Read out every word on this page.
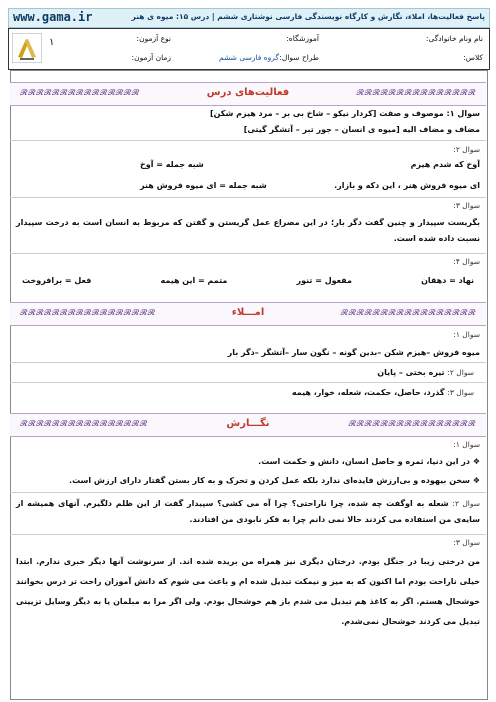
www.gama.ir	پاسخ فعالیت‌ها، املاء، نگارش و کارگاه نویسندگی فارسی نوشتاری ششم | درس ۱۵: میوه ی هنر
۱	نام ونام خانوادگی:
آموزشگاه:
نوع آزمون:
کلاس:
طراح سوال:
گروه فارسی ششم
زمان آزمون:
𝓡𝓡𝓡𝓡𝓡𝓡𝓡𝓡𝓡𝓡𝓡𝓡𝓡𝓡𝓡
𝓡𝓡𝓡𝓡𝓡𝓡𝓡𝓡𝓡𝓡𝓡𝓡𝓡𝓡𝓡	فعالیت‌های درس
سوال ۱: موصوف و صفت [کردار نیکو – شاخ بی بر – مرد هیزم شکن]
مضاف و مضاف الیه [میوه ی انسان – جور تبر – آتشگر گیتی]
سوال ۲:
آوخ که شدم هیزم
شبه جمله = آوخ
ای میوه فروش هنر ، این دکه و بازار.
شبه جمله = ای میوه فروش هنر
سوال ۳:
بگریست سپیدار و چنین گفت دگر بار؛ در این مصراع عمل گریستن و گفتن که مربوط به انسان است به درخت سپیدار نسبت داده شده است.
سوال ۴:
نهاد = دهقان
مفعول = تنور
متمم = این هیمه
فعل = برافروخت
𝓡𝓡𝓡𝓡𝓡𝓡𝓡𝓡𝓡𝓡𝓡𝓡𝓡𝓡𝓡𝓡𝓡
𝓡𝓡𝓡𝓡𝓡𝓡𝓡𝓡𝓡𝓡𝓡𝓡𝓡𝓡𝓡𝓡𝓡	امـــلاء
سوال ۱:
میوه فروش –هیزم شکن –بدین گونه – نگون سار –آتشگر –دگر بار
سوال ۲: تیره بختی – پایان
سوال ۳: گذرد، حاصل، حکمت، شعله، خوار، هیمه
𝓡𝓡𝓡𝓡𝓡𝓡𝓡𝓡𝓡𝓡𝓡𝓡𝓡𝓡𝓡𝓡
𝓡𝓡𝓡𝓡𝓡𝓡𝓡𝓡𝓡𝓡𝓡𝓡𝓡𝓡𝓡𝓡	نگـــارش
سوال ۱:
❖ در این دنیا، ثمره و حاصل انسان، دانش و حکمت است.
❖ سخن بیهوده و بی‌ارزش فایده‌ای ندارد بلکه عمل کردن و تحرک و به کار بستن گفتار دارای ارزش است.
سوال ۲: شعله به اوگفت چه شده، چرا ناراحتی؟ چرا آه می کشی؟ سپیدار گفت از این ظلم دلگیرم. آنهای همیشه از سایه‌ی من استفاده می کردند حالا نمی دانم چرا به فکر نابودی من افتادند.
سوال ۳:
من درختی زیبا در جنگل بودم. درختان دیگری نیز همراه من بریده شده اند. از سرنوشت آنها دیگر خبری ندارم. ابتدا خیلی ناراحت بودم اما اکنون که به میز و نیمکت تبدیل شده ام و باعث می شوم که دانش آموزان راحت تر درس بخوانند خوشحال هستم. اگر به کاغذ هم تبدیل می شدم باز هم خوشحال بودم. ولی اگر مرا به مبلمان یا به دیگر وسایل تزیینی تبدیل می کردند خوشحال نمی‌شدم.
